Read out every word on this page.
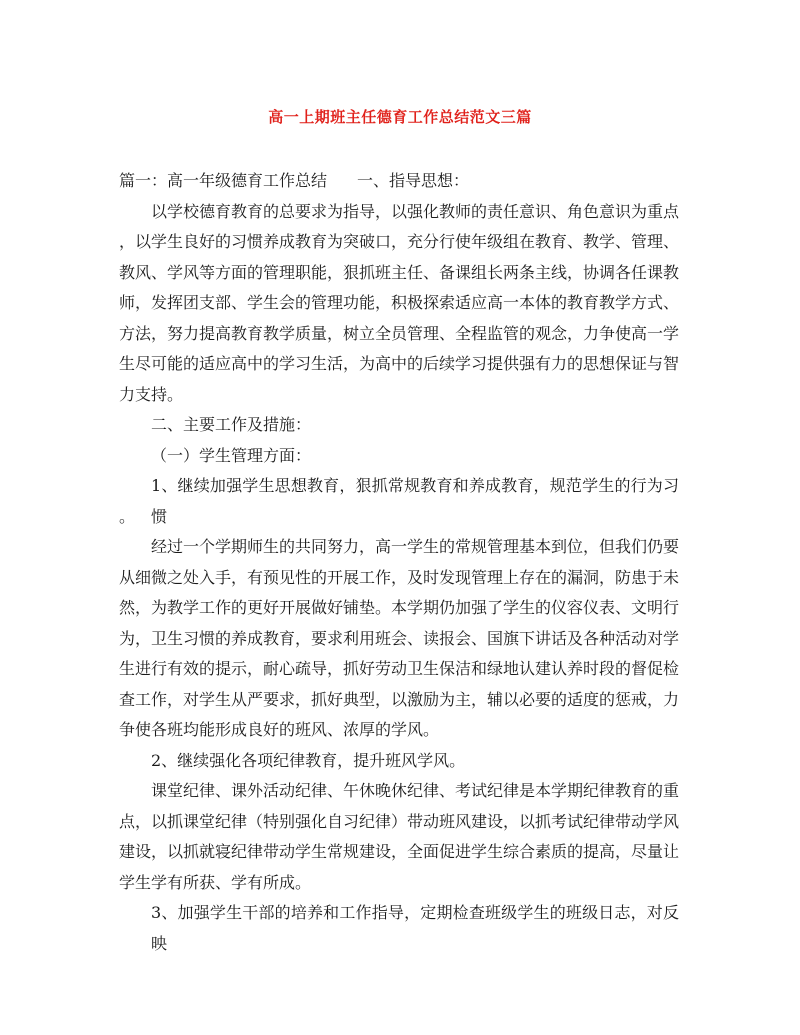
高一上期班主任德育工作总结范文三篇
篇一：高一年级德育工作总结 一、指导思想：
以学校德育教育的总要求为指导，以强化教师的责任意识、角色意识为重点
，以学生良好的习惯养成教育为突破口，充分行使年级组在教育、教学、管理、
教风、学风等方面的管理职能，狠抓班主任、备课组长两条主线，协调各任课教
师，发挥团支部、学生会的管理功能，积极探索适应高一本体的教育教学方式、
方法，努力提高教育教学质量，树立全员管理、全程监管的观念，力争使高一学
生尽可能的适应高中的学习生活，为高中的后续学习提供强有力的思想保证与智
力支持。
二、主要工作及措施：
（一）学生管理方面：
1、继续加强学生思想教育，狠抓常规教育和养成教育，规范学生的行为习惯
。
经过一个学期师生的共同努力，高一学生的常规管理基本到位，但我们仍要
从细微之处入手，有预见性的开展工作，及时发现管理上存在的漏洞，防患于未
然，为教学工作的更好开展做好铺垫。本学期仍加强了学生的仪容仪表、文明行
为，卫生习惯的养成教育，要求利用班会、读报会、国旗下讲话及各种活动对学
生进行有效的提示，耐心疏导，抓好劳动卫生保洁和绿地认建认养时段的督促检
查工作，对学生从严要求，抓好典型，以激励为主，辅以必要的适度的惩戒，力
争使各班均能形成良好的班风、浓厚的学风。
2、继续强化各项纪律教育，提升班风学风。
课堂纪律、课外活动纪律、午休晚休纪律、考试纪律是本学期纪律教育的重
点，以抓课堂纪律（特别强化自习纪律）带动班风建设，以抓考试纪律带动学风
建设，以抓就寝纪律带动学生常规建设，全面促进学生综合素质的提高，尽量让
学生学有所获、学有所成。
3、加强学生干部的培养和工作指导，定期检查班级学生的班级日志，对反映
